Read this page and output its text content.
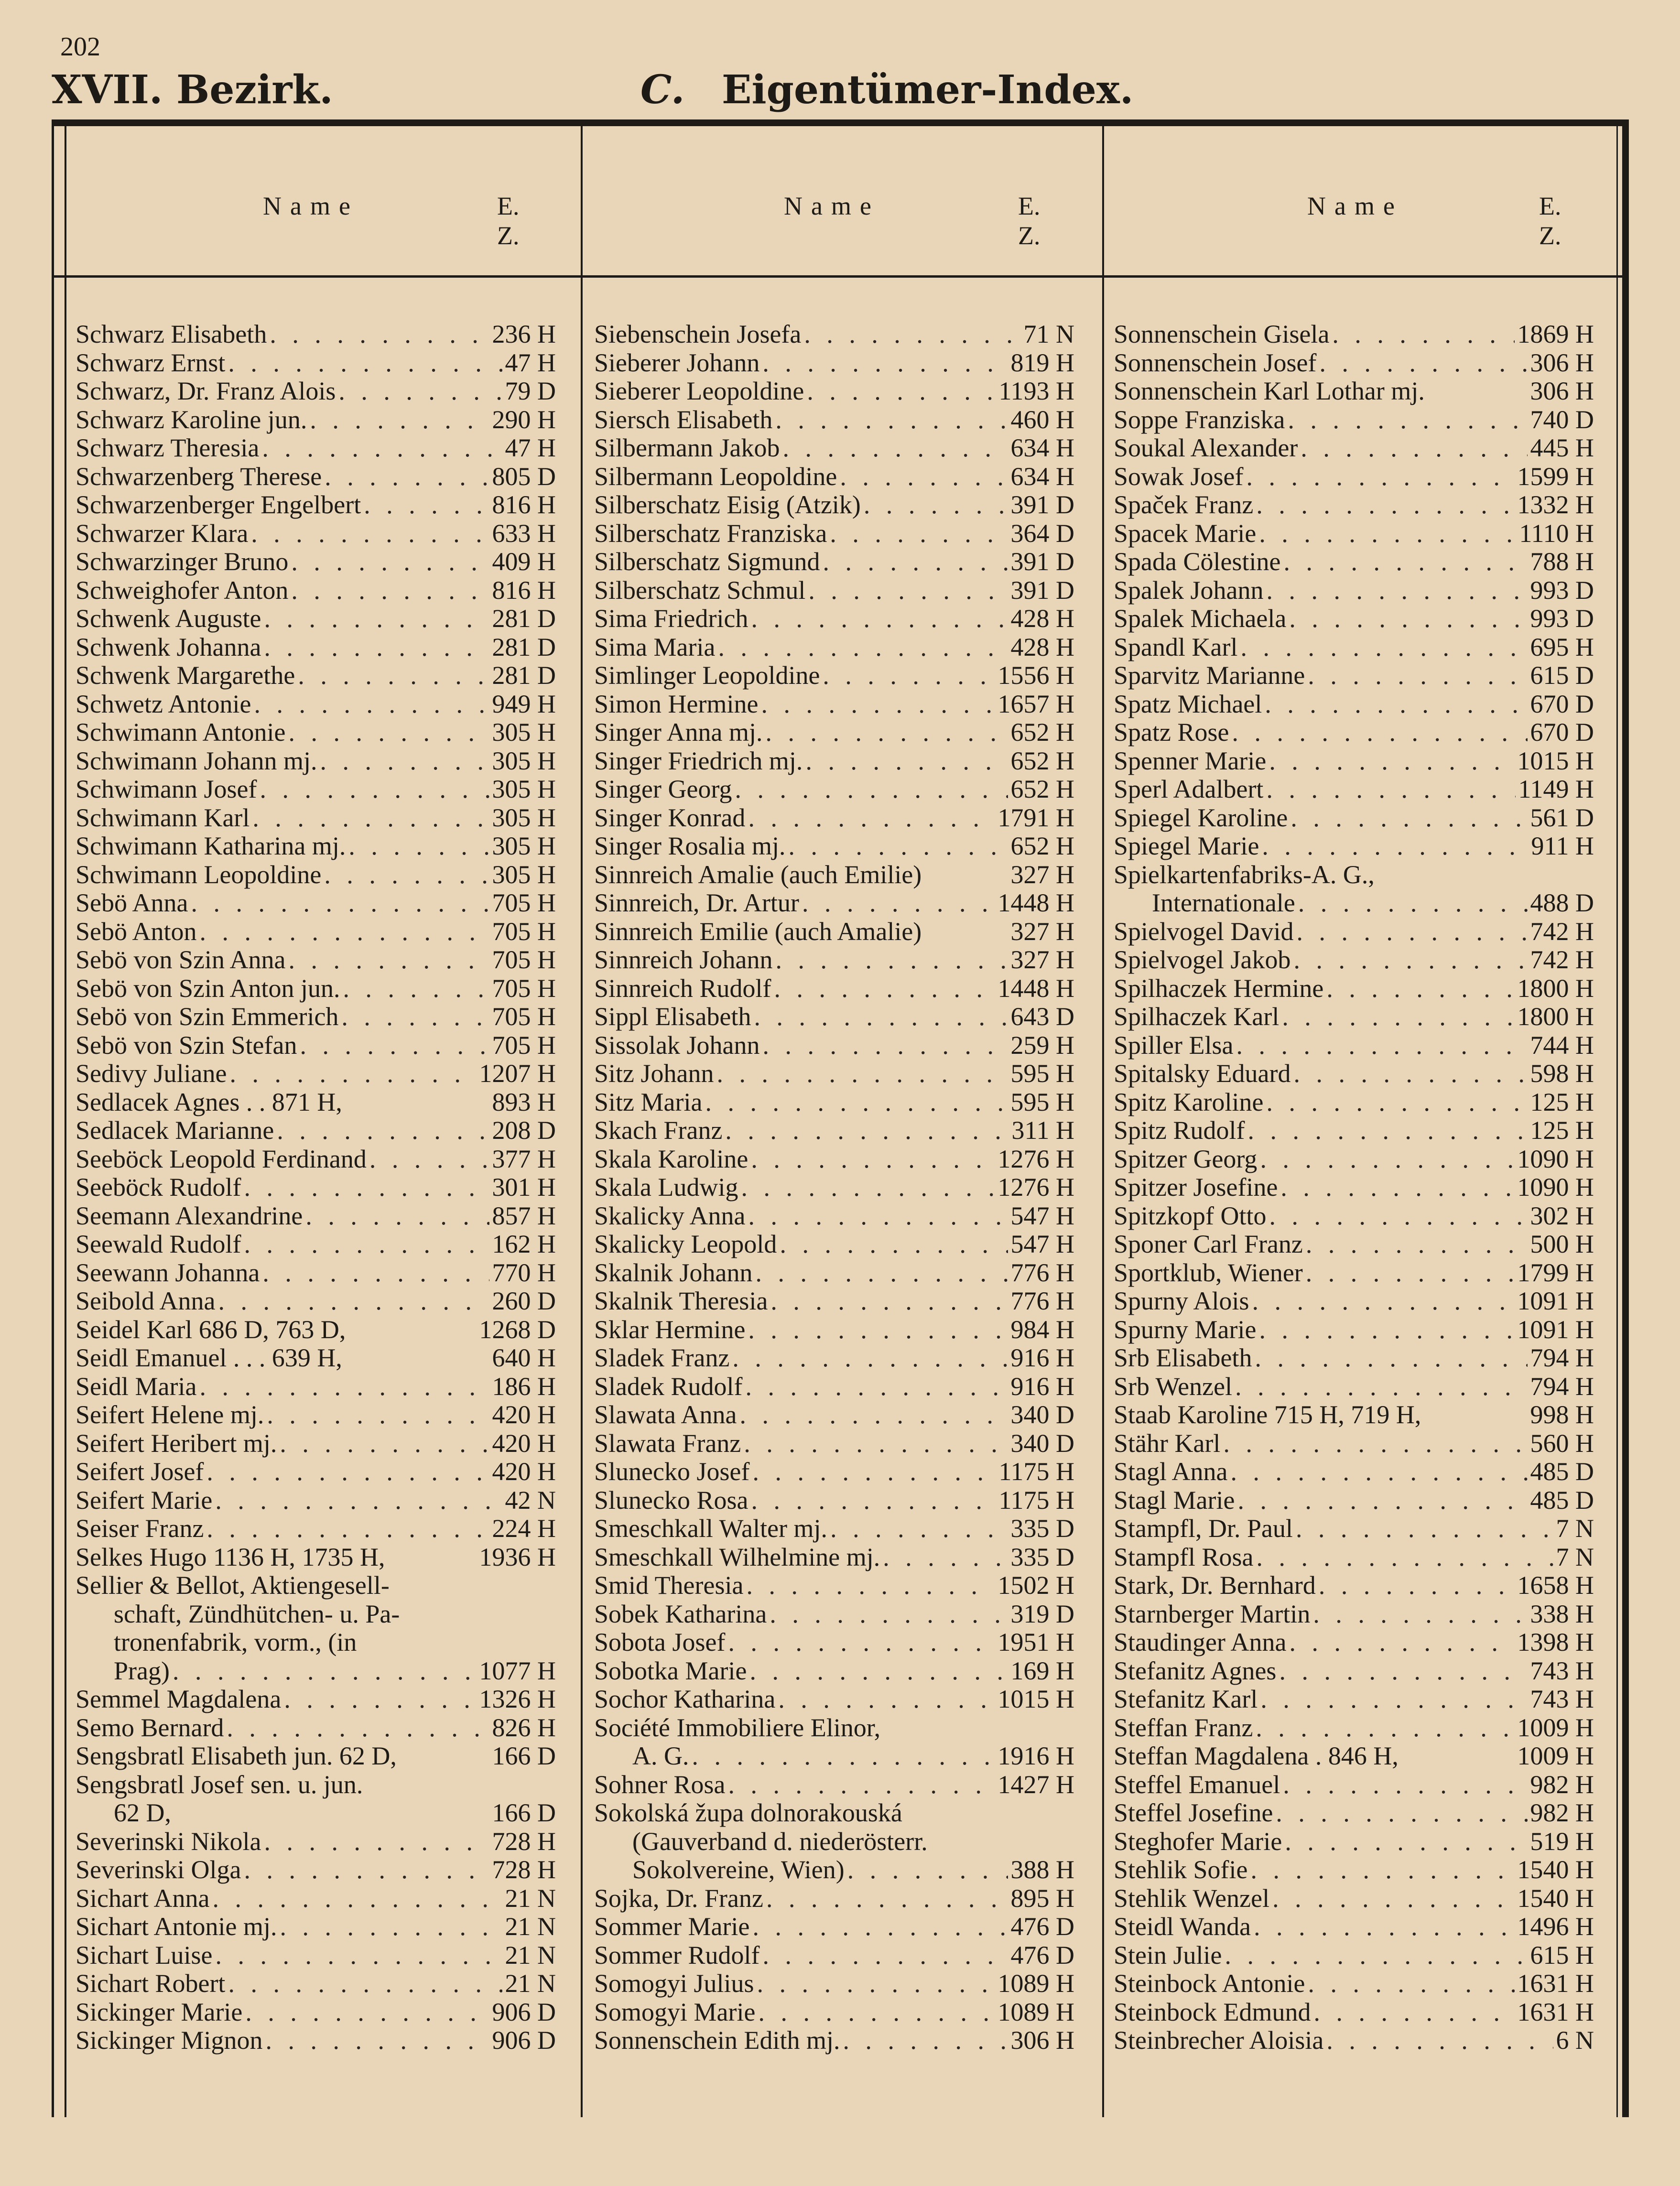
202
XVII. Bezirk.	C. Eigentümer-Index.
Name	E. Z.
Name	E. Z.
Name	E. Z.
Schwarz Elisabeth . . .	236 H
Schwarz Ernst . . .	47 H
Schwarz, Dr. Franz Alois . . .	79 D
Schwarz Karoline jun. . . .	290 H
Schwarz Theresia . . .	47 H
Schwarzenberg Therese . . .	805 D
Schwarzenberger Engelbert . . .	816 H
Schwarzer Klara . . .	633 H
Schwarzinger Bruno . . .	409 H
Schweighofer Anton . . .	816 H
Schwenk Auguste . . .	281 D
Schwenk Johanna . . .	281 D
Schwenk Margarethe . . .	281 D
Schwetz Antonie . . .	949 H
Schwimann Antonie . . .	305 H
Schwimann Johann mj. . . .	305 H
Schwimann Josef . . .	305 H
Schwimann Karl . . .	305 H
Schwimann Katharina mj. . . .	305 H
Schwimann Leopoldine . . .	305 H
Sebö Anna . . .	705 H
Sebö Anton . . .	705 H
Sebö von Szin Anna . . .	705 H
Sebö von Szin Anton jun. . . .	705 H
Sebö von Szin Emmerich . . .	705 H
Sebö von Szin Stefan . . .	705 H
Sedivy Juliane . . .	1207 H
Sedlacek Agnes . . 871 H,	893 H
Sedlacek Marianne . . .	208 D
Seeböck Leopold Ferdinand . . .	377 H
Seeböck Rudolf . . .	301 H
Seemann Alexandrine . . .	857 H
Seewald Rudolf . . .	162 H
Seewann Johanna . . .	770 H
Seibold Anna . . .	260 D
Seidel Karl 686 D, 763 D,	1268 D
Seidl Emanuel . . . 639 H,	640 H
Seidl Maria . . .	186 H
Seifert Helene mj. . . .	420 H
Seifert Heribert mj. . . .	420 H
Seifert Josef . . .	420 H
Seifert Marie . . .	42 N
Seiser Franz . . .	224 H
Selkes Hugo 1136 H, 1735 H,	1936 H
Sellier & Bellot, Aktiengesell-
schaft, Zündhütchen- u. Pa-
tronenfabrik, vorm., (in
Prag) . . .	1077 H
Semmel Magdalena . . .	1326 H
Semo Bernard . . .	826 H
Sengsbratl Elisabeth jun. 62 D,	166 D
Sengsbratl Josef sen. u. jun.
62 D,	166 D
Severinski Nikola . . .	728 H
Severinski Olga . . .	728 H
Sichart Anna . . .	21 N
Sichart Antonie mj. . . .	21 N
Sichart Luise . . .	21 N
Sichart Robert . . .	21 N
Sickinger Marie . . .	906 D
Sickinger Mignon . . .	906 D
Siebenschein Josefa . . .	71 N
Sieberer Johann . . .	819 H
Sieberer Leopoldine . . .	1193 H
Siersch Elisabeth . . .	460 H
Silbermann Jakob . . .	634 H
Silbermann Leopoldine . . .	634 H
Silberschatz Eisig (Atzik) . . .	391 D
Silberschatz Franziska . . .	364 D
Silberschatz Sigmund . . .	391 D
Silberschatz Schmul . . .	391 D
Sima Friedrich . . .	428 H
Sima Maria . . .	428 H
Simlinger Leopoldine . . .	1556 H
Simon Hermine . . .	1657 H
Singer Anna mj. . . .	652 H
Singer Friedrich mj. . . .	652 H
Singer Georg . . .	652 H
Singer Konrad . . .	1791 H
Singer Rosalia mj. . . .	652 H
Sinnreich Amalie (auch Emilie)	327 H
Sinnreich, Dr. Artur . . .	1448 H
Sinnreich Emilie (auch Amalie)	327 H
Sinnreich Johann . . .	327 H
Sinnreich Rudolf . . .	1448 H
Sippl Elisabeth . . .	643 D
Sissolak Johann . . .	259 H
Sitz Johann . . .	595 H
Sitz Maria . . .	595 H
Skach Franz . . .	311 H
Skala Karoline . . .	1276 H
Skala Ludwig . . .	1276 H
Skalicky Anna . . .	547 H
Skalicky Leopold . . .	547 H
Skalnik Johann . . .	776 H
Skalnik Theresia . . .	776 H
Sklar Hermine . . .	984 H
Sladek Franz . . .	916 H
Sladek Rudolf . . .	916 H
Slawata Anna . . .	340 D
Slawata Franz . . .	340 D
Slunecko Josef . . .	1175 H
Slunecko Rosa . . .	1175 H
Smeschkall Walter mj. . . .	335 D
Smeschkall Wilhelmine mj. . . .	335 D
Smid Theresia . . .	1502 H
Sobek Katharina . . .	319 D
Sobota Josef . . .	1951 H
Sobotka Marie . . .	169 H
Sochor Katharina . . .	1015 H
Société Immobiliere Elinor,
A. G. . . .	1916 H
Sohner Rosa . . .	1427 H
Sokolská župa dolnorakouská
(Gauverband d. niederösterr.
Sokolvereine, Wien) . . .	388 H
Sojka, Dr. Franz . . .	895 H
Sommer Marie . . .	476 D
Sommer Rudolf . . .	476 D
Somogyi Julius . . .	1089 H
Somogyi Marie . . .	1089 H
Sonnenschein Edith mj. . . .	306 H
Sonnenschein Gisela . . .	1869 H
Sonnenschein Josef . . .	306 H
Sonnenschein Karl Lothar mj.	306 H
Soppe Franziska . . .	740 D
Soukal Alexander . . .	445 H
Sowak Josef . . .	1599 H
Spaček Franz . . .	1332 H
Spacek Marie . . .	1110 H
Spada Cölestine . . .	788 H
Spalek Johann . . .	993 D
Spalek Michaela . . .	993 D
Spandl Karl . . .	695 H
Sparvitz Marianne . . .	615 D
Spatz Michael . . .	670 D
Spatz Rose . . .	670 D
Spenner Marie . . .	1015 H
Sperl Adalbert . . .	1149 H
Spiegel Karoline . . .	561 D
Spiegel Marie . . .	911 H
Spielkartenfabriks-A. G.,
Internationale . . .	488 D
Spielvogel David . . .	742 H
Spielvogel Jakob . . .	742 H
Spilhaczek Hermine . . .	1800 H
Spilhaczek Karl . . .	1800 H
Spiller Elsa . . .	744 H
Spitalsky Eduard . . .	598 H
Spitz Karoline . . .	125 H
Spitz Rudolf . . .	125 H
Spitzer Georg . . .	1090 H
Spitzer Josefine . . .	1090 H
Spitzkopf Otto . . .	302 H
Sponer Carl Franz . . .	500 H
Sportklub, Wiener . . .	1799 H
Spurny Alois . . .	1091 H
Spurny Marie . . .	1091 H
Srb Elisabeth . . .	794 H
Srb Wenzel . . .	794 H
Staab Karoline 715 H, 719 H,	998 H
Stähr Karl . . .	560 H
Stagl Anna . . .	485 D
Stagl Marie . . .	485 D
Stampfl, Dr. Paul . . .	7 N
Stampfl Rosa . . .	7 N
Stark, Dr. Bernhard . . .	1658 H
Starnberger Martin . . .	338 H
Staudinger Anna . . .	1398 H
Stefanitz Agnes . . .	743 H
Stefanitz Karl . . .	743 H
Steffan Franz . . .	1009 H
Steffan Magdalena . 846 H,	1009 H
Steffel Emanuel . . .	982 H
Steffel Josefine . . .	982 H
Steghofer Marie . . .	519 H
Stehlik Sofie . . .	1540 H
Stehlik Wenzel . . .	1540 H
Steidl Wanda . . .	1496 H
Stein Julie . . .	615 H
Steinbock Antonie . . .	1631 H
Steinbock Edmund . . .	1631 H
Steinbrecher Aloisia . . .	6 N
